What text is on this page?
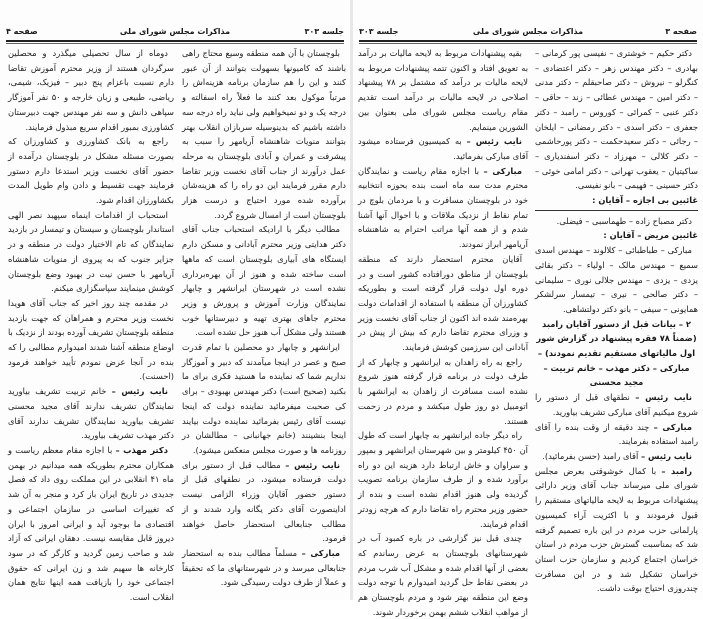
صفحه ۴	مذاکرات مجلس شورای ملی	جلسه ۳۰۳

بلوچستان با آن همه منطقه وسیع محتاج راهی باشند که کامیونها بسهولت بتوانند از آن عبور کنند و این را هم سازمان برنامه هزینه‌اش را مرتباً موکول بعد کنند ما فعلاً راه اسفالته و درجه یک و دو نمیخواهیم ولی نباید راه درجه سه داشته باشیم که بدینوسیله سربازان انقلاب بهتر بتوانند منویات شاهنشاه آریامهر را سبب به پیشرفت و عمران و آبادی بلوچستان به مرحله عمل درآورند از جناب آقای نخست وزیر تقاضا دارم مقرر فرمایند این دو راه را که هزینه‌شان برآورده شده مورد احتیاج و درست هزار بلوچستان است از امسال شروع گردد.

مطالب دیگر با ارادیکه استحباب جناب آقای دکتر هدایتی وزیر محترم آبادانی و مسکن دارم ایستگاه های آبیاری بلوچستان است که ماهها است ساخته شده و هنوز از آن بهره‌برداری نشده است در شهرستان ایرانشهر و چابهار نمایندگان وزارت آموزش و پرورش و وزیر محترم جاهای بهتری تهیه و دبیرستانها خوب هستند ولی مشکل آب هنوز حل نشده است.

ایرانشهر و چابهار دو محصلین با تمام قدرت صبح و عصر در اینجا میآمدند که دبیر و آموزگار نداریم شما که نماینده ما هستید فکری برای ما بکنید (صحیح است) دکتر مهندس بهبودی – برای کی صحبت میفرمائید نماینده دولت که اینجا نیست آقای رئیس بفرمائید نماینده دولت بیایند اینجا بنشینند (خانم جهانبانی – مطالشان در روزنامه ها و صورت مجلس منعکس میشود).

نایب رئیس – مطالب قبل از دستور برای دولت فرستاده میشود، در نطقهای قبل از دستور حضور آقایان وزراء الزامی نیست اداینصورت آقای دکتر یگانه وارد شدند و از مطالب جنابعالی استحضار حاصل خواهند فرمود.

مبارکی – مسلماً مطالب بنده به استحضار جنابعالی میرسد و در شهرستانهای ما که تحقیقاً و عملاً از طرف دولت رسیدگی شود.

دوماه از سال تحصیلی میگذرد و محصلین سرگردان هستند از وزیر محترم آموزش تقاضا دارم نسبت باعزام پنج دبیر – فیزیک، شیمی، ریاضی، طبیعی و زبان خارجه و ۵۰ نفر آموزگار سپاهی دانش و سه نفر مهندس جهت دبیرستان کشاورزی بمبور اقدام سریع مبذول فرمایند.

راجع به بانک کشاورزی و کشاورزان که بصورت مسئله مشکل در بلوچستان درآمده از حضور آقای نخست وزیر استدعا دارم دستور فرمایند جهت تقسیط و دادن وام طویل المدت بکشاورزان اقدام شود.

استحباب از اقدامات اینماه سپهبد نصر الهی استاندار بلوچستان و سیستان و تیمسار در بازدید نمایندگان که تام الاختیار دولت در منطقه و در جزایر جنوب که به پیروی از منویات شاهنشاه آریامهر با حسن نیت در بهبود وضع بلوچستان کوشش مینمایند سپاسگزاری میکنم.

در مقدمه چند روز اخیر که جناب آقای هویدا نخست وزیر محترم و همراهان که جهت بازدید منطقه بلوچستان تشریف آورده بودند از نزدیک با اوضاع منطقه آشنا شدند امیدوارم مطالبی را که بنده در آنجا عرض نمودم تأیید خواهند فرمود (احسنت).

نایب رئیس – خانم تربیت تشریف بیاورید نمایندگان تشریف ندارند آقای مجید محسنی تشریف بیاورید نمایندگان تشریف ندارند آقای دکتر مهذب تشریف بیاورید.

دکتر مهذب – با اجازه مقام معظم ریاست و همکاران محترم بطوریکه همه میدانیم در بهمن ماه ۴۱ انقلابی در این مملکت روی داد که فصل جدیدی در تاریخ ایران باز کرد و منجر به آن شد که تغییرات اساسی در سازمان اجتماعی و اقتصادی ما بوجود آید و ایرانی امروز با ایران دیروز قابل مقایسه نیست. دهقان ایرانی که آزاد شد و صاحب زمین گردید و کارگر که در سود کارخانه ها سهیم شد و زن ایرانی که حقوق اجتماعی خود را بازیافت همه اینها نتایج همان انقلاب است.

جلسه ۳۰۳	مذاکرات مجلس شورای ملی	صفحه ۳

دکتر حکیم – خوشتری – نفیسی پور کرمانی – بهادری – دکتر مهندس زهر – دکتر اعتضادی – کنگرلو – نیروش – دکتر صاحبقلم – دکتر مدنی – دکتر امین – مهندس عطائی – زند – حاقی – دکتر عنبی – کمرائی – کوروس – رامبد – دکتر جعفری – دکتر اسدی – دکتر رمضانی – ایلخان – رجائی – دکتر سعیدحکمت – دکتر پورحاشمی – دکتر کلالی – مهرزاد – دکتر اسفندیاری – ساکیتیان – یعقوب تهرانی – دکتر امامی خوئی – دکتر حسینی – فهیمی – بانو نفیسی.

غائبین بی اجازه – آقایان :

دکتر مصباح زاده – طهماسبی – فیضلی.

غائبین مریض – آقایان :

مبارکی – طباطبائی – کلالوند – مهندس اسدی سمیع – مهندس مالک – اولیاء – دکتر بقائی یزدی – یزدی – مهندس جلالی نوری – سلیمانی – دکتر صالحی – نیری – تیمسار سرلشکر همایونی – سیفی – بانو دکتر دولتشاهی.

۲ – بیانات قبل از دستور آقایان رامبد (ضمناً ۷۸ فقره پیشنهاد در گزارش شور اول مالیاتهای مستقیم تقدیم نمودند) – مبارکی – دکتر مهذب – خانم تربیت – مجید محسنی

نایب رئیس – نطقهای قبل از دستور را شروع میکنیم آقای مبارکی تشریف بیاورید.

مبارکی – چند دقیقه از وقت بنده را آقای رامبد استفاده بفرمایند.

نایب رئیس – آقای رامبد (حسن بفرمائید).

رامبد – با کمال خوشوقتی بعرض مجلس شورای ملی میرساند جناب آقای وزیر دارائی پیشنهادات مربوط به لایحه مالیاتهای مستقیم را قبول فرمودند و با اکثریت آراء کمیسیون پارلمانی حزب مردم در این باره تصمیم گرفته شد که بمناسبت گسترش حزب مردم در استان خراسان اجتماع کردیم و سازمان حزب استان خراسان تشکیل شد و در این مسافرت چندروزی احتیاج بوقت داشت.

بقیه پیشنهادات مربوط به لایحه مالیات بر درآمد به تعویق افتاد و اکنون تتمه پیشنهادات مربوط به لایحه مالیات بر درآمد که مشتمل بر ۷۸ پیشنهاد اصلاحی در لایحه مالیات بر درآمد است تقدیم مقام ریاست مجلس شورای ملی بعنوان بین الشورین مینمایم.

نایب رئیس – به کمیسیون فرستاده میشود آقای مبارکی بفرمائید.

مبارکی – با اجازه مقام ریاست و نمایندگان محترم مدت سه ماه است بنده بحوزه انتخابیه خود در بلوچستان مسافرت و با مردمان بلوچ در تمام نقاط از نزدیک ملاقات و با احوال آنها آشنا شدم و از همه آنها مراتب احترام به شاهنشاه آریامهر ابراز نمودند.

آقایان محترم استحضار دارند که منطقه بلوچستان از مناطق دورافتاده کشور است و در دوره اول دولت قرار گرفته است و بطوریکه کشاورزان آن منطقه با استفاده از اقدامات دولت بهره‌مند شده اند اکنون از جناب آقای نخست وزیر و وزرای محترم تقاضا دارم که بیش از پیش در آبادانی این سرزمین کوشش فرمایند.

راجع به راه زاهدان به ایرانشهر و چابهار که از طرف دولت در برنامه قرار گرفته هنوز شروع نشده است مسافرت از زاهدان به ایرانشهر با اتومبیل دو روز طول میکشد و مردم در زحمت هستند.

راه دیگر جاده ایرانشهر به چابهار است که طول آن ۴۵۰ کیلومتر و بین شهرستان ایرانشهر و بمپور و سراوان و خاش ارتباط دارد هزینه این دو راه برآورد شده و از طرف سازمان برنامه تصویب گردیده ولی هنوز اقدام نشده است و بنده از حضور وزیر محترم راه تقاضا دارم که هرچه زودتر اقدام فرمایند.

چندی قبل نیز گزارشی در باره کمبود آب در شهرستانهای بلوچستان به عرض رساندم که بعضی از آنها اقدام شده و مشکل آب شرب مردم در بعضی نقاط حل گردید امیدوارم با توجه دولت وضع این منطقه بهتر شود و مردم بلوچستان هم از مواهب انقلاب ششم بهمن برخوردار شوند.
